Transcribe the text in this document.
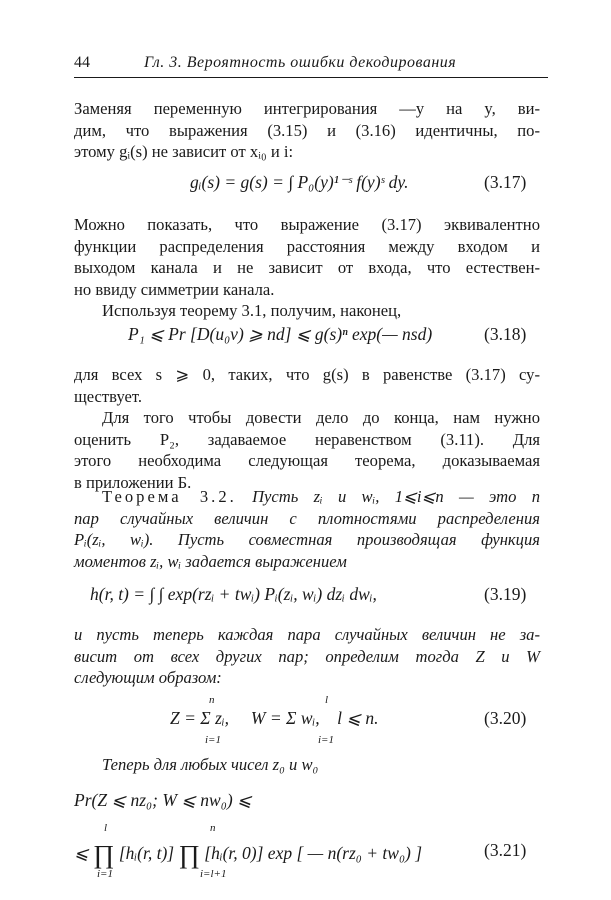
44	Гл. 3. Вероятность ошибки декодирования
Заменяя переменную интегрирования —y на y, ви-
дим, что выражения (3.15) и (3.16) идентичны, по-
этому gᵢ(s) не зависит от xᵢ₀ и i:
gᵢ(s) = g(s) = ∫ P₀(y)¹⁻ˢ f(y)ˢ dy.	(3.17)
Можно показать, что выражение (3.17) эквивалентно
функции распределения расстояния между входом и
выходом канала и не зависит от входа, что естествен-
но ввиду симметрии канала.
Используя теорему 3.1, получим, наконец,
P₁ ⩽ Pr [D(u₀v) ⩾ nd] ⩽ g(s)ⁿ exp(— nsd)	(3.18)
для всех s ⩾ 0, таких, что g(s) в равенстве (3.17) су-
ществует.
Для того чтобы довести дело до конца, нам нужно
оценить P₂, задаваемое неравенством (3.11). Для
этого необходима следующая теорема, доказываемая
в приложении Б.
Теорема 3.2. Пусть zᵢ и wᵢ, 1⩽i⩽n — это n
пар случайных величин с плотностями распределения
Pᵢ(zᵢ, wᵢ). Пусть совместная производящая функция
моментов zᵢ, wᵢ задается выражением
h(r, t) = ∫ ∫ exp(rzᵢ + twᵢ) Pᵢ(zᵢ, wᵢ) dzᵢ dwᵢ,	(3.19)
и пусть теперь каждая пара случайных величин не за-
висит от всех других пар; определим тогда Z и W
следующим образом:
Z = Σ zᵢ, W = Σ wᵢ, l ⩽ n.	(3.20)
n
i=1
l
i=1
Теперь для любых чисел z₀ и w₀
Pr(Z ⩽ nz₀; W ⩽ nw₀) ⩽
⩽ ∏ [hᵢ(r, t)] ∏ [hᵢ(r, 0)] exp [ — n(rz₀ + tw₀) ]	(3.21)
l
i=1
n
i=l+1
